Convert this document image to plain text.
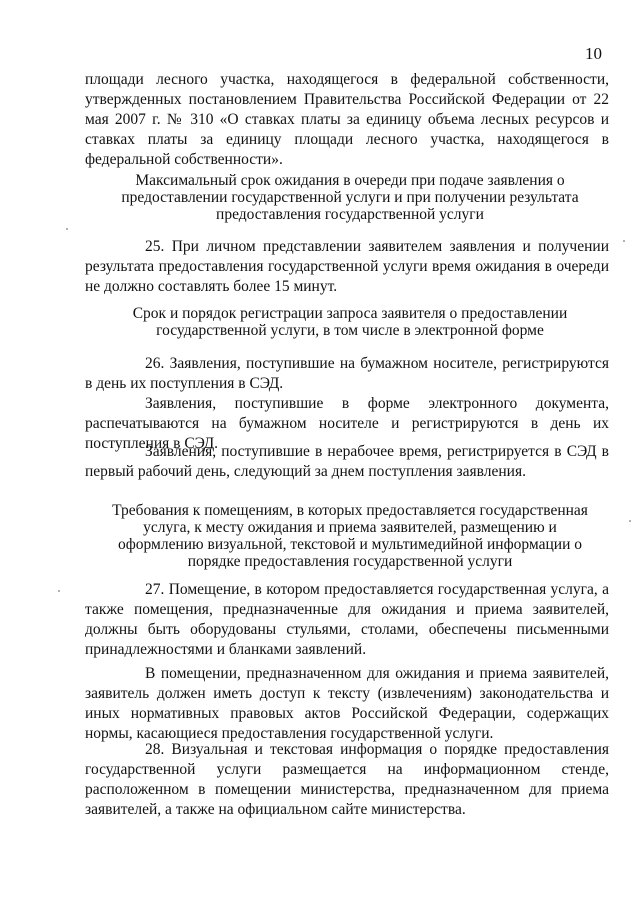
10
площади лесного участка, находящегося в федеральной собственности, утвержденных постановлением Правительства Российской Федерации от 22 мая 2007 г. № 310 «О ставках платы за единицу объема лесных ресурсов и ставках платы за единицу площади лесного участка, находящегося в федеральной собственности».
Максимальный срок ожидания в очереди при подаче заявления о предоставлении государственной услуги и при получении результата предоставления государственной услуги
25. При личном представлении заявителем заявления и получении результата предоставления государственной услуги время ожидания в очереди не должно составлять более 15 минут.
Срок и порядок регистрации запроса заявителя о предоставлении государственной услуги, в том числе в электронной форме
26. Заявления, поступившие на бумажном носителе, регистрируются в день их поступления в СЭД.
Заявления, поступившие в форме электронного документа, распечатываются на бумажном носителе и регистрируются в день их поступления в СЭД.
Заявления, поступившие в нерабочее время, регистрируется в СЭД в первый рабочий день, следующий за днем поступления заявления.
Требования к помещениям, в которых предоставляется государственная услуга, к месту ожидания и приема заявителей, размещению и оформлению визуальной, текстовой и мультимедийной информации о порядке предоставления государственной услуги
27. Помещение, в котором предоставляется государственная услуга, а также помещения, предназначенные для ожидания и приема заявителей, должны быть оборудованы стульями, столами, обеспечены письменными принадлежностями и бланками заявлений.
В помещении, предназначенном для ожидания и приема заявителей, заявитель должен иметь доступ к тексту (извлечениям) законодательства и иных нормативных правовых актов Российской Федерации, содержащих нормы, касающиеся предоставления государственной услуги.
28. Визуальная и текстовая информация о порядке предоставления государственной услуги размещается на информационном стенде, расположенном в помещении министерства, предназначенном для приема заявителей, а также на официальном сайте министерства.
